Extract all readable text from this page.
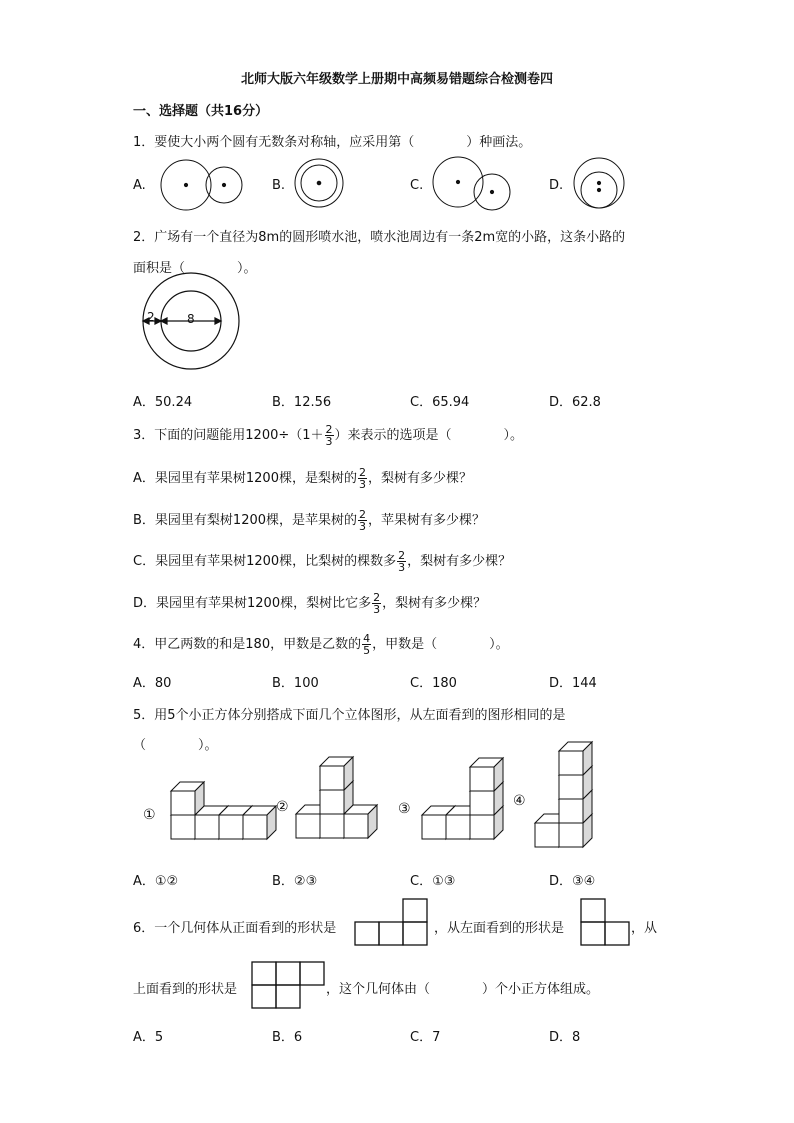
北师大版六年级数学上册期中高频易错题综合检测卷四
一、选择题（共16分）
1．要使大小两个圆有无数条对称轴，应采用第（　　　　）种画法。
A.	B.	C.	D.
2．广场有一个直径为8m的圆形喷水池，喷水池周边有一条2m宽的小路，这条小路的
面积是（　　　　）。
2	8
A．50.24	B．12.56	C．65.94	D．62.8
3．下面的问题能用$1200\div(1+ \frac{2}{3}$ ）来表示的选项是（　　　　）。
A．果园里有苹果树1200棵，是梨树的 $\frac{2}{3}$ ，梨树有多少棵？
B．果园里有梨树1200棵，是苹果树的 $\frac{2}{3}$ ，苹果树有多少棵？
C．果园里有苹果树1200棵，比梨树的棵数多 $\frac{2}{3}$ ，梨树有多少棵？
D．果园里有苹果树1200棵，梨树比它多 $\frac{2}{3}$ ，梨树有多少棵？
4．甲乙两数的和是180，甲数是乙数的 $\frac{4}{5}$ ，甲数是（　　　　）。
A．80	B．100	C．180	D．144
5．用5个小正方体分别搭成下面几个立体图形，从左面看到的图形相同的是
（　　　　）。
①	②	③	④
A．①②	B．②③	C．①③	D．③④
6．一个几何体从正面看到的形状是	，从左面看到的形状是	，从
上面看到的形状是	，这个几何体由（　　　　）个小正方体组成。
A．5	B．6	C．7	D．8
